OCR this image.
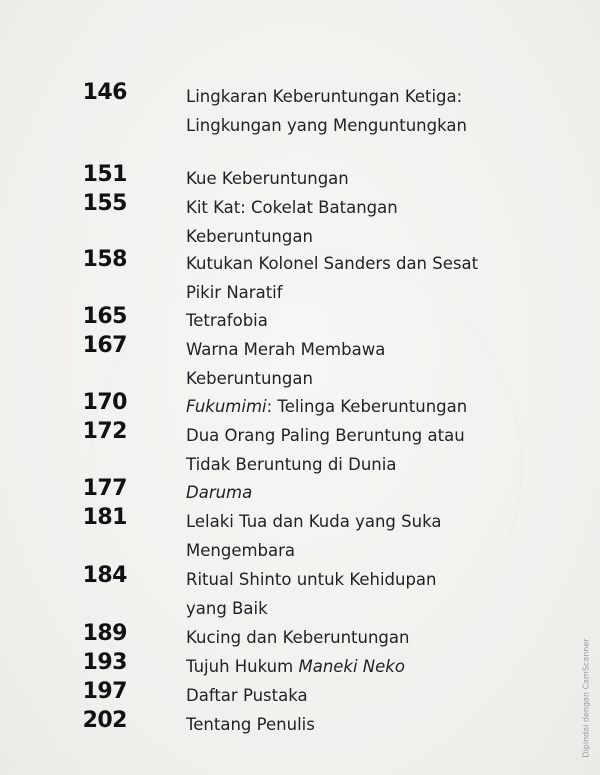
146	Lingkaran Keberuntungan Ketiga:
Lingkungan yang Menguntungkan
151	Kue Keberuntungan
155	Kit Kat: Cokelat Batangan
Keberuntungan
158	Kutukan Kolonel Sanders dan Sesat
Pikir Naratif
165	Tetrafobia
167	Warna Merah Membawa
Keberuntungan
170	Fukumimi: Telinga Keberuntungan
172	Dua Orang Paling Beruntung atau
Tidak Beruntung di Dunia
177	Daruma
181	Lelaki Tua dan Kuda yang Suka
Mengembara
184	Ritual Shinto untuk Kehidupan
yang Baik
189	Kucing dan Keberuntungan
193	Tujuh Hukum Maneki Neko
197	Daftar Pustaka
202	Tentang Penulis	Dipindai dengan CamScanner
